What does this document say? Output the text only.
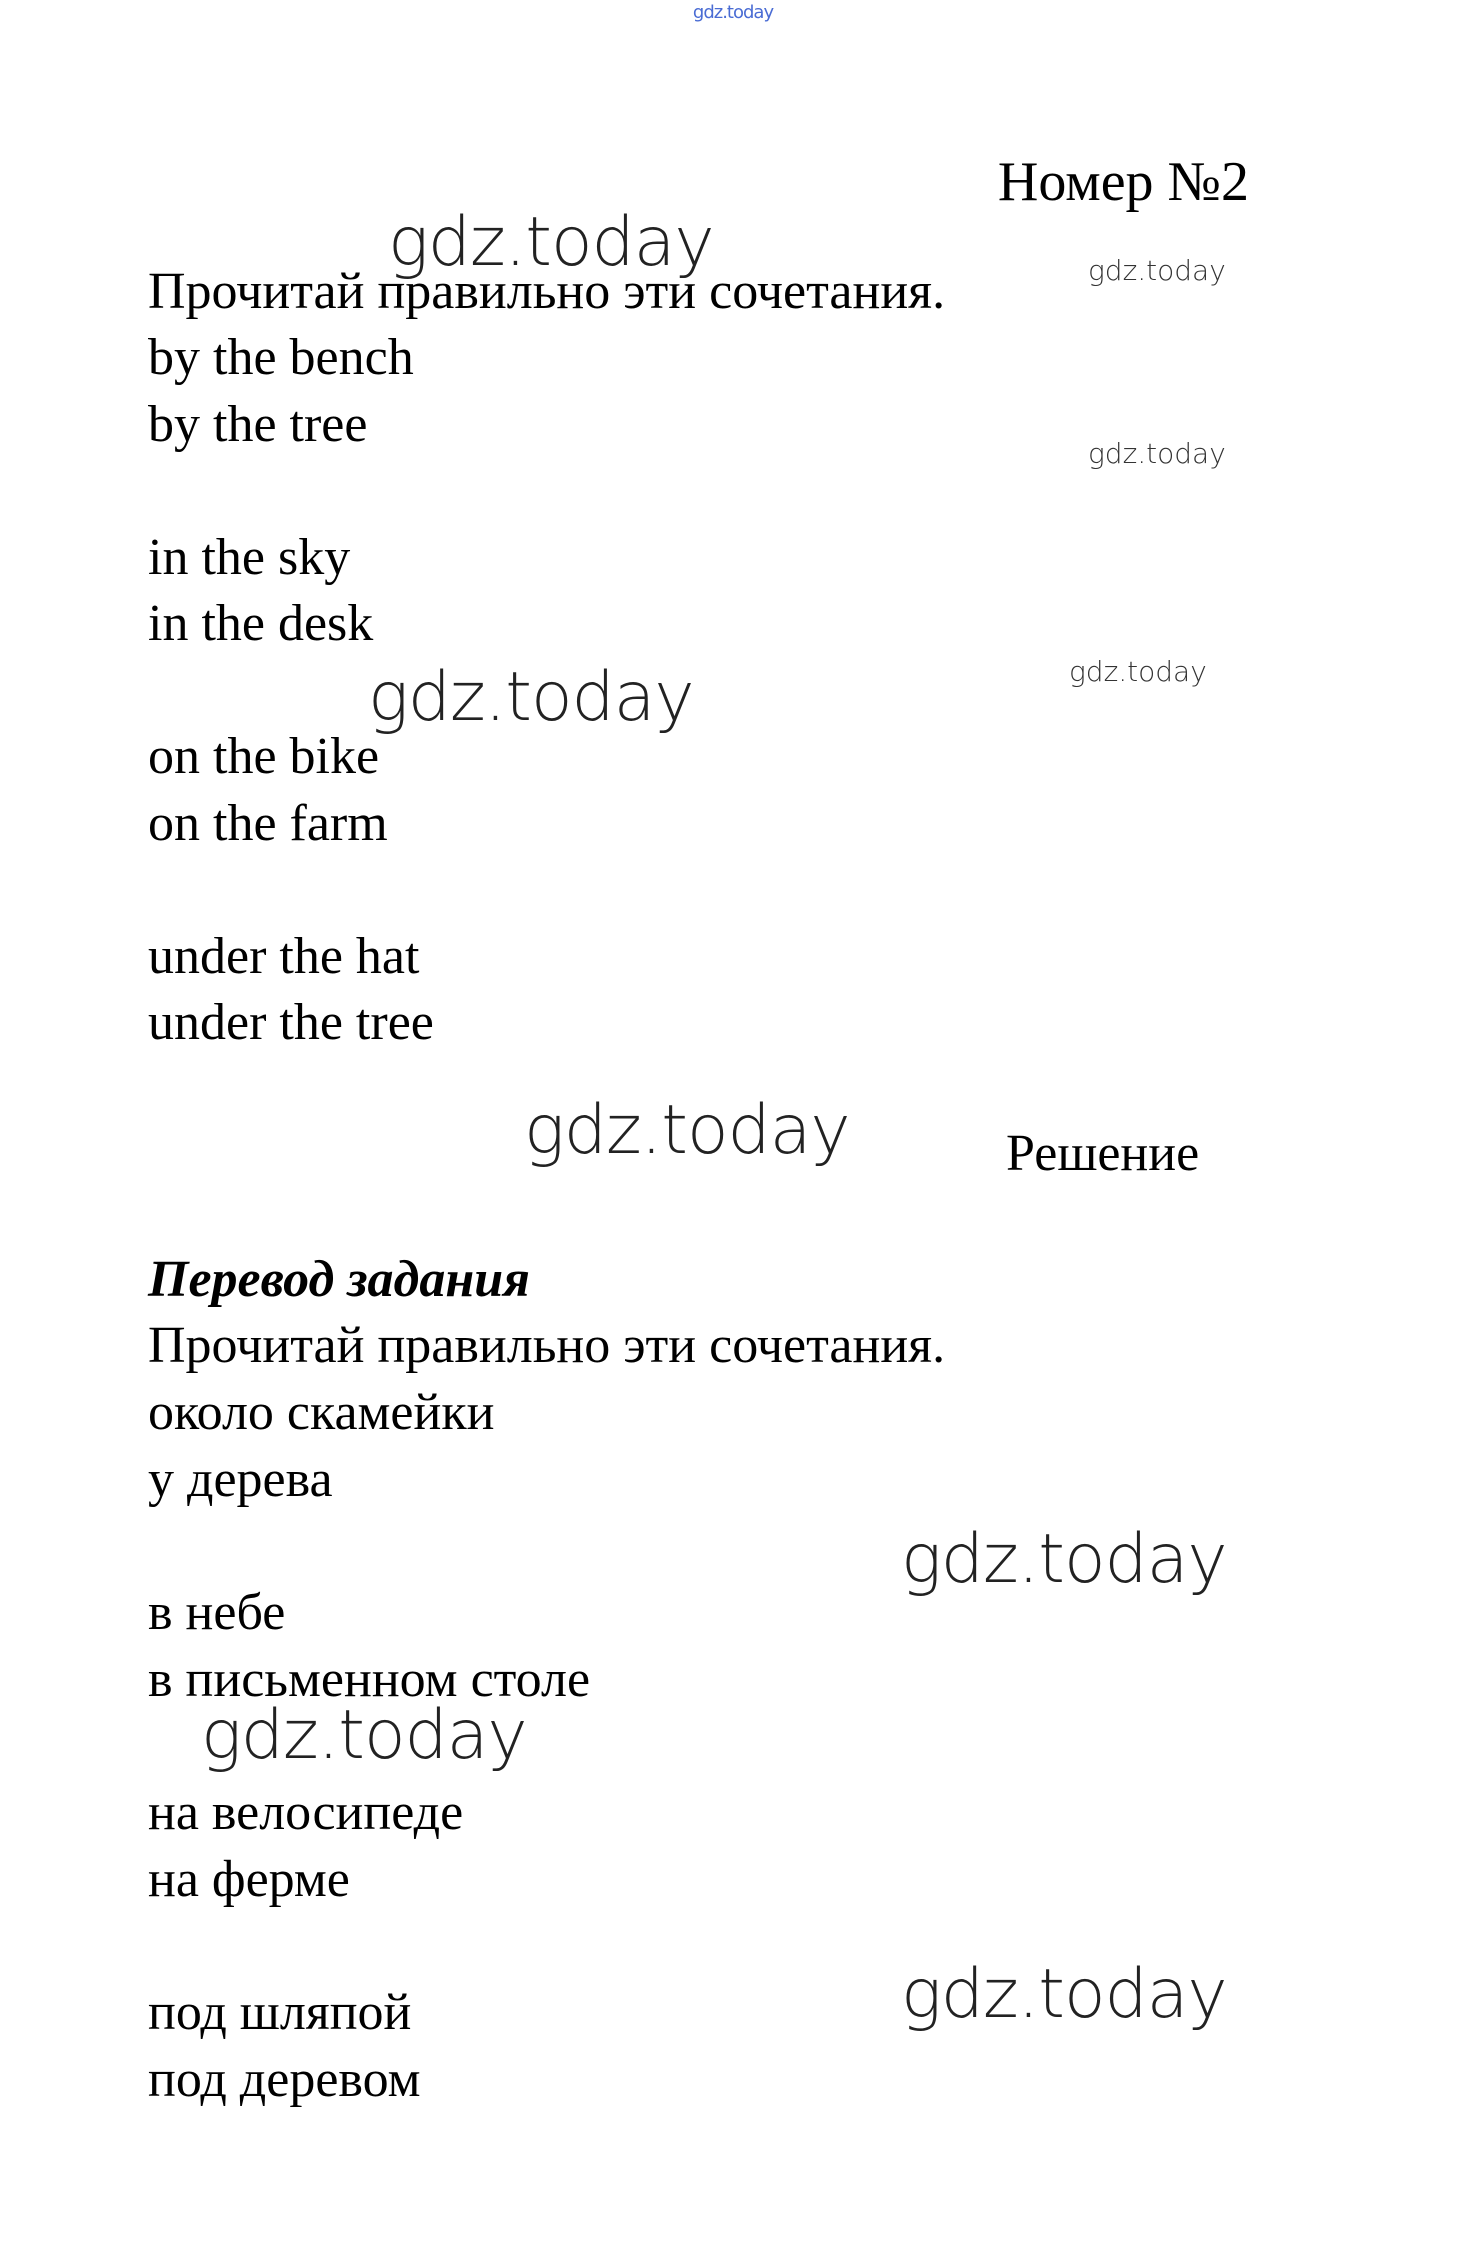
gdz.today
Номер №2
Прочитай правильно эти сочетания.
by the bench
by the tree
in the sky
in the desk
on the bike
on the farm
under the hat
under the tree
Решение
Перевод задания
Прочитай правильно эти сочетания.
около скамейки
у дерева
в небе
в письменном столе
на велосипеде
на ферме
под шляпой
под деревом
gdz.today	gdz.today
gdz.today
gdz.today
gdz.today
gdz.today
gdz.today
gdz.today
gdz.today
